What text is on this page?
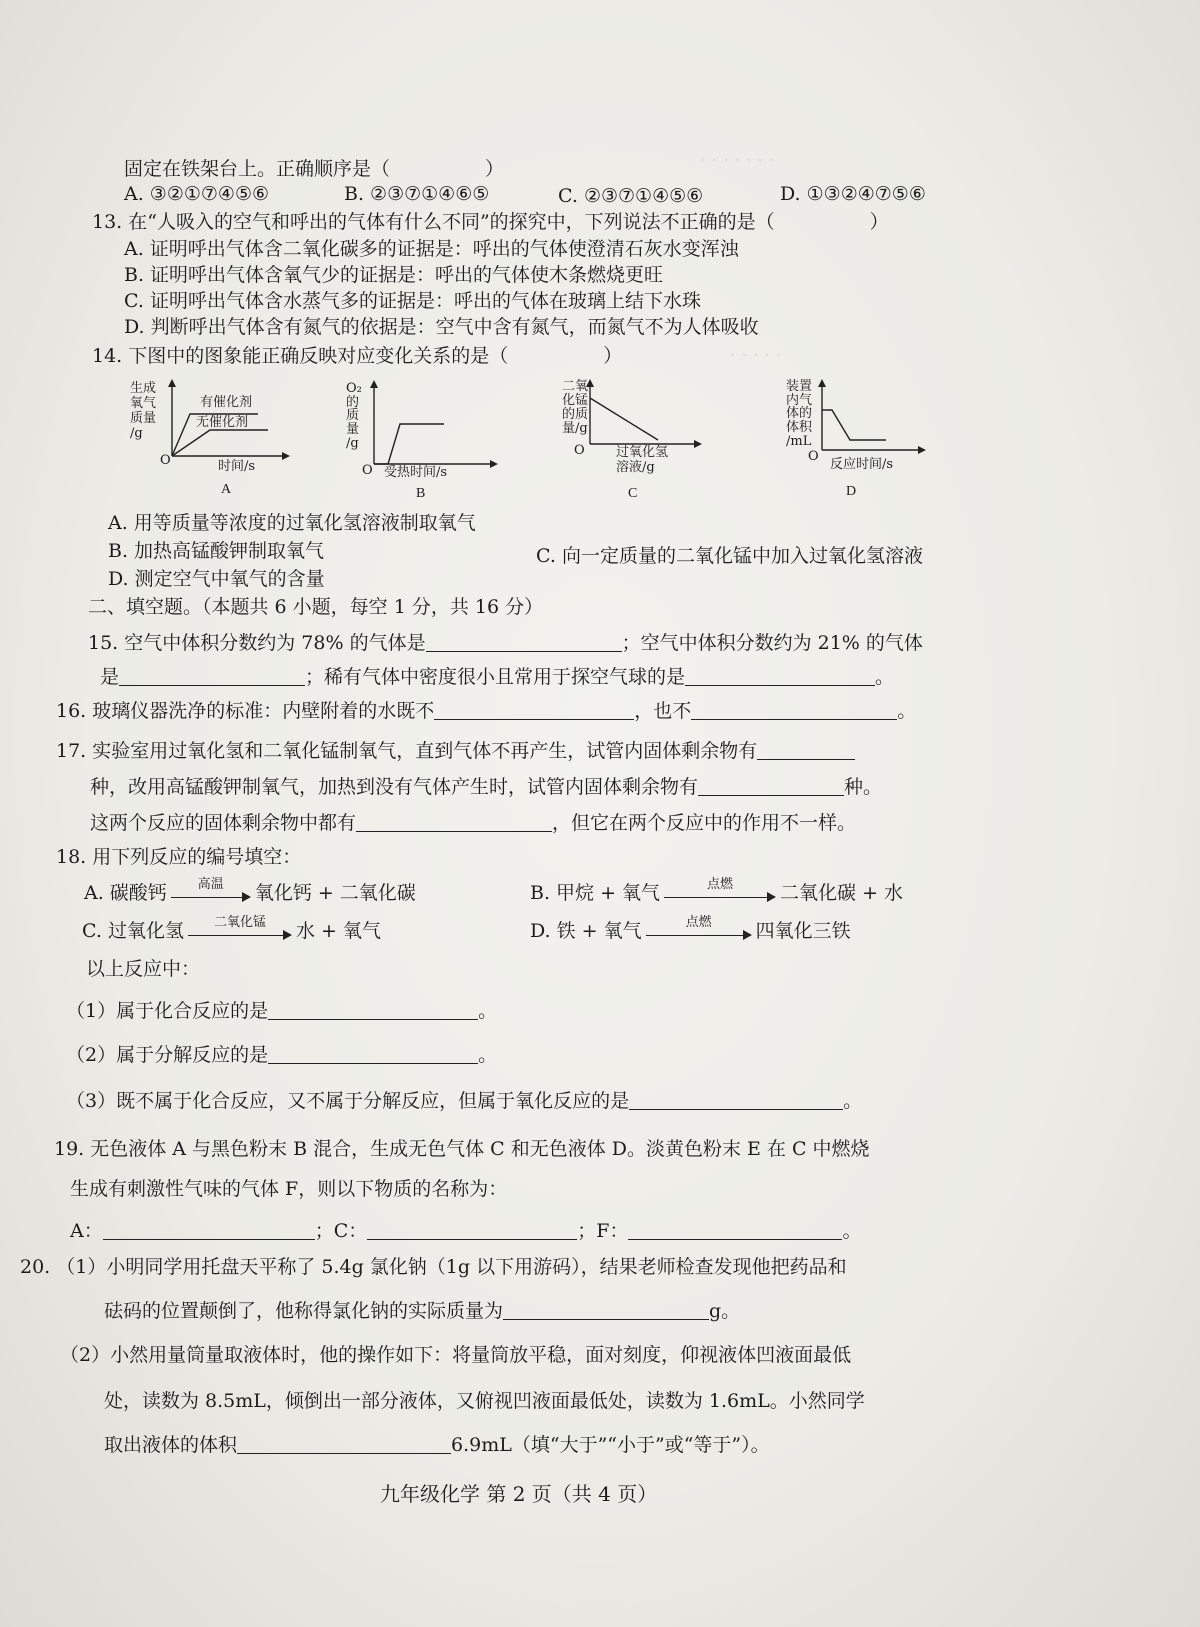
· · · · · · ·
· · · · ·
固定在铁架台上。正确顺序是（　　　　　）
A. ③②①⑦④⑤⑥	B. ②③⑦①④⑥⑤	C. ②③⑦①④⑤⑥	D. ①③②④⑦⑤⑥
13. 在“人吸入的空气和呼出的气体有什么不同”的探究中，下列说法不正确的是（　　　　　）
A. 证明呼出气体含二氧化碳多的证据是：呼出的气体使澄清石灰水变浑浊
B. 证明呼出气体含氧气少的证据是：呼出的气体使木条燃烧更旺
C. 证明呼出气体含水蒸气多的证据是：呼出的气体在玻璃上结下水珠
D. 判断呼出气体含有氮气的依据是：空气中含有氮气，而氮气不为人体吸收
14. 下图中的图象能正确反映对应变化关系的是（　　　　　）
生成
氧气
质量
/g
有催化剂
无催化剂
O	时间/s
A
O₂
的
质
量
/g
O 受热时间/s
B
二氧
化锰
的质
量/g
O 过氧化氢
溶液/g
C
装置
内气
体的
体积
/mL
O
反应时间/s
D
A. 用等质量等浓度的过氧化氢溶液制取氧气
B. 加热高锰酸钾制取氧气	C. 向一定质量的二氧化锰中加入过氧化氢溶液
D. 测定空气中氧气的含量
二、填空题。（本题共 6 小题，每空 1 分，共 16 分）
15. 空气中体积分数约为 78% 的气体是	；空气中体积分数约为 21% 的气体
是	；稀有气体中密度很小且常用于探空气球的是	。
16. 玻璃仪器洗净的标准：内壁附着的水既不	，也不	。
17. 实验室用过氧化氢和二氧化锰制氧气，直到气体不再产生，试管内固体剩余物有
种，改用高锰酸钾制氧气，加热到没有气体产生时，试管内固体剩余物有	种。
这两个反应的固体剩余物中都有	，但它在两个反应中的作用不一样。
18. 用下列反应的编号填空：
A. 碳酸钙	高温	氧化钙 + 二氧化碳	B. 甲烷 + 氧气	点燃	二氧化碳 + 水
C. 过氧化氢	二氧化锰	水 + 氧气	D. 铁 + 氧气	点燃	四氧化三铁
以上反应中：
（1）属于化合反应的是	。
（2）属于分解反应的是	。
（3）既不属于化合反应，又不属于分解反应，但属于氧化反应的是	。
19. 无色液体 A 与黑色粉末 B 混合，生成无色气体 C 和无色液体 D。淡黄色粉末 E 在 C 中燃烧
生成有刺激性气味的气体 F，则以下物质的名称为：
A：	；C：	；F：	。
20. （1）小明同学用托盘天平称了 5.4g 氯化钠（1g 以下用游码），结果老师检查发现他把药品和
砝码的位置颠倒了，他称得氯化钠的实际质量为	g。
（2）小然用量筒量取液体时，他的操作如下：将量筒放平稳，面对刻度，仰视液体凹液面最低
处，读数为 8.5mL，倾倒出一部分液体，又俯视凹液面最低处，读数为 1.6mL。小然同学
取出液体的体积	6.9mL（填“大于”“小于”或“等于”）。
九年级化学 第 2 页（共 4 页）
